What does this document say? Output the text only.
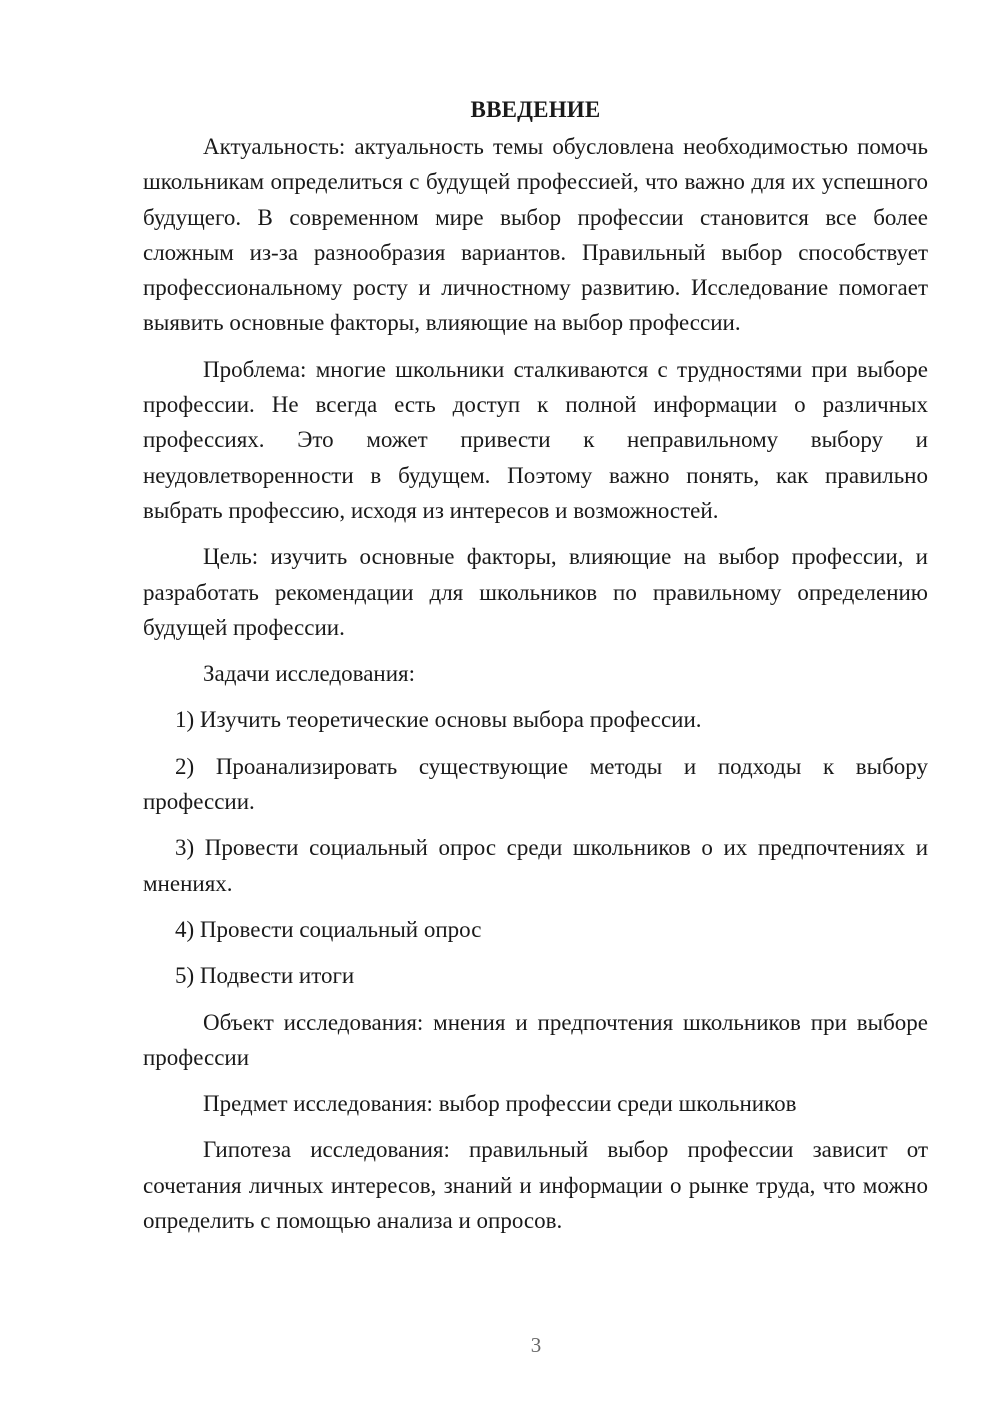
ВВЕДЕНИЕ

Актуальность: актуальность темы обусловлена необходимостью помочь школьникам определиться с будущей профессией, что важно для их успешного будущего. В современном мире выбор профессии становится все более сложным из-за разнообразия вариантов. Правильный выбор способствует профессиональному росту и личностному развитию. Исследование помогает выявить основные факторы, влияющие на выбор профессии.

Проблема: многие школьники сталкиваются с трудностями при выборе профессии. Не всегда есть доступ к полной информации о различных профессиях. Это может привести к неправильному выбору и неудовлетворенности в будущем. Поэтому важно понять, как правильно выбрать профессию, исходя из интересов и возможностей.

Цель: изучить основные факторы, влияющие на выбор профессии, и разработать рекомендации для школьников по правильному определению будущей профессии.

Задачи исследования:

1) Изучить теоретические основы выбора профессии.

2) Проанализировать существующие методы и подходы к выбору профессии.

3) Провести социальный опрос среди школьников о их предпочтениях и мнениях.

4) Провести социальный опрос

5) Подвести итоги

Объект исследования: мнения и предпочтения школьников при выборе профессии

Предмет исследования: выбор профессии среди школьников

Гипотеза исследования: правильный выбор профессии зависит от сочетания личных интересов, знаний и информации о рынке труда, что можно определить с помощью анализа и опросов.

3
